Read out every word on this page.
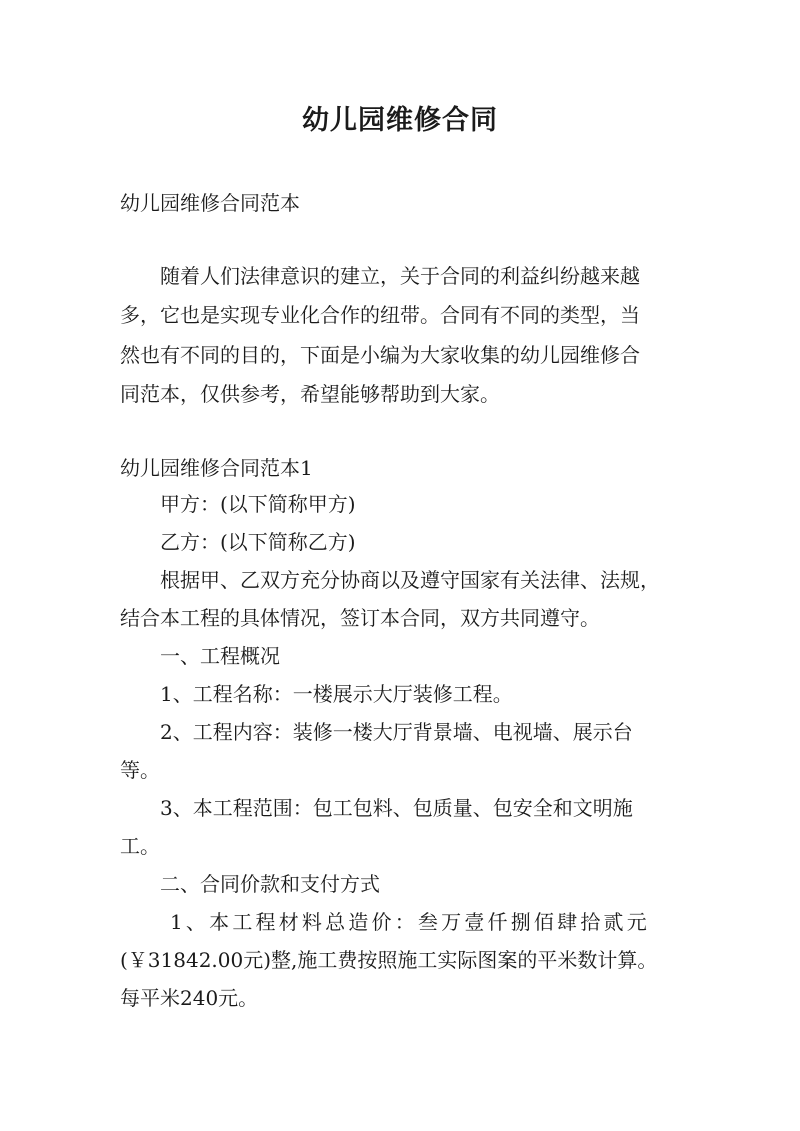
幼儿园维修合同
幼儿园维修合同范本
随着人们法律意识的建立，关于合同的利益纠纷越来越
多，它也是实现专业化合作的纽带。合同有不同的类型，当
然也有不同的目的，下面是小编为大家收集的幼儿园维修合
同范本，仅供参考，希望能够帮助到大家。
幼儿园维修合同范本1
甲方：(以下简称甲方)
乙方：(以下简称乙方)
根据甲、乙双方充分协商以及遵守国家有关法律、法规，
结合本工程的具体情况，签订本合同，双方共同遵守。
一、工程概况
1、工程名称：一楼展示大厅装修工程。
2、工程内容：装修一楼大厅背景墙、电视墙、展示台
等。
3、本工程范围：包工包料、包质量、包安全和文明施
工。
二、合同价款和支付方式
1、本工程材料总造价：叁万壹仟捌佰肆拾贰元
(￥31842.00元)整,施工费按照施工实际图案的平米数计算。
每平米240元。
